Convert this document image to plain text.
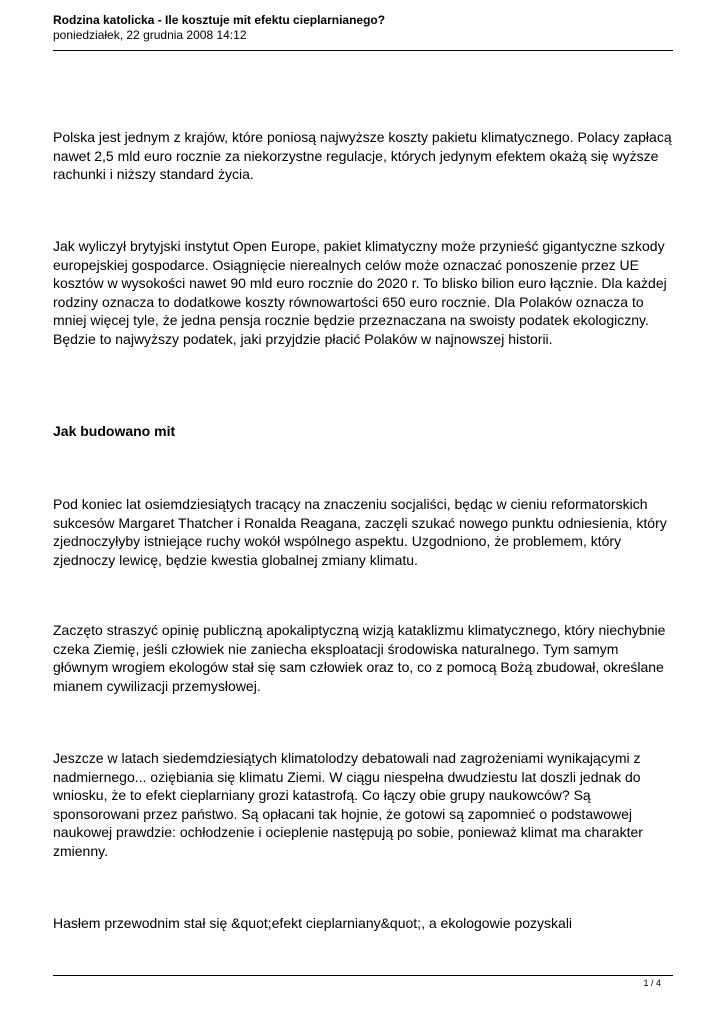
Rodzina katolicka - Ile kosztuje mit efektu cieplarnianego?
poniedziałek, 22 grudnia 2008 14:12

Polska jest jednym z krajów, które poniosą najwyższe koszty pakietu klimatycznego. Polacy zapłacą nawet 2,5 mld euro rocznie za niekorzystne regulacje, których jedynym efektem okażą się wyższe rachunki i niższy standard życia.

Jak wyliczył brytyjski instytut Open Europe, pakiet klimatyczny może przynieść gigantyczne szkody europejskiej gospodarce. Osiągnięcie nierealnych celów może oznaczać ponoszenie przez UE kosztów w wysokości nawet 90 mld euro rocznie do 2020 r. To blisko bilion euro łącznie. Dla każdej rodziny oznacza to dodatkowe koszty równowartości 650 euro rocznie. Dla Polaków oznacza to mniej więcej tyle, że jedna pensja rocznie będzie przeznaczana na swoisty podatek ekologiczny. Będzie to najwyższy podatek, jaki przyjdzie płacić Polaków w najnowszej historii.

Jak budowano mit

Pod koniec lat osiemdziesiątych tracący na znaczeniu socjaliści, będąc w cieniu reformatorskich sukcesów Margaret Thatcher i Ronalda Reagana, zaczęli szukać nowego punktu odniesienia, który zjednoczyłyby istniejące ruchy wokół wspólnego aspektu. Uzgodniono, że problemem, który zjednoczy lewicę, będzie kwestia globalnej zmiany klimatu.

Zaczęto straszyć opinię publiczną apokaliptyczną wizją kataklizmu klimatycznego, który niechybnie czeka Ziemię, jeśli człowiek nie zaniecha eksploatacji środowiska naturalnego. Tym samym głównym wrogiem ekologów stał się sam człowiek oraz to, co z pomocą Bożą zbudował, określane mianem cywilizacji przemysłowej.

Jeszcze w latach siedemdziesiątych klimatolodzy debatowali nad zagrożeniami wynikającymi z nadmiernego... oziębiania się klimatu Ziemi. W ciągu niespełna dwudziestu lat doszli jednak do wniosku, że to efekt cieplarniany grozi katastrofą. Co łączy obie grupy naukowców? Są sponsorowani przez państwo. Są opłacani tak hojnie, że gotowi są zapomnieć o podstawowej naukowej prawdzie: ochłodzenie i ocieplenie następują po sobie, ponieważ klimat ma charakter zmienny.

Hasłem przewodnim stał się &quot;efekt cieplarniany&quot;, a ekologowie pozyskali

1 / 4
